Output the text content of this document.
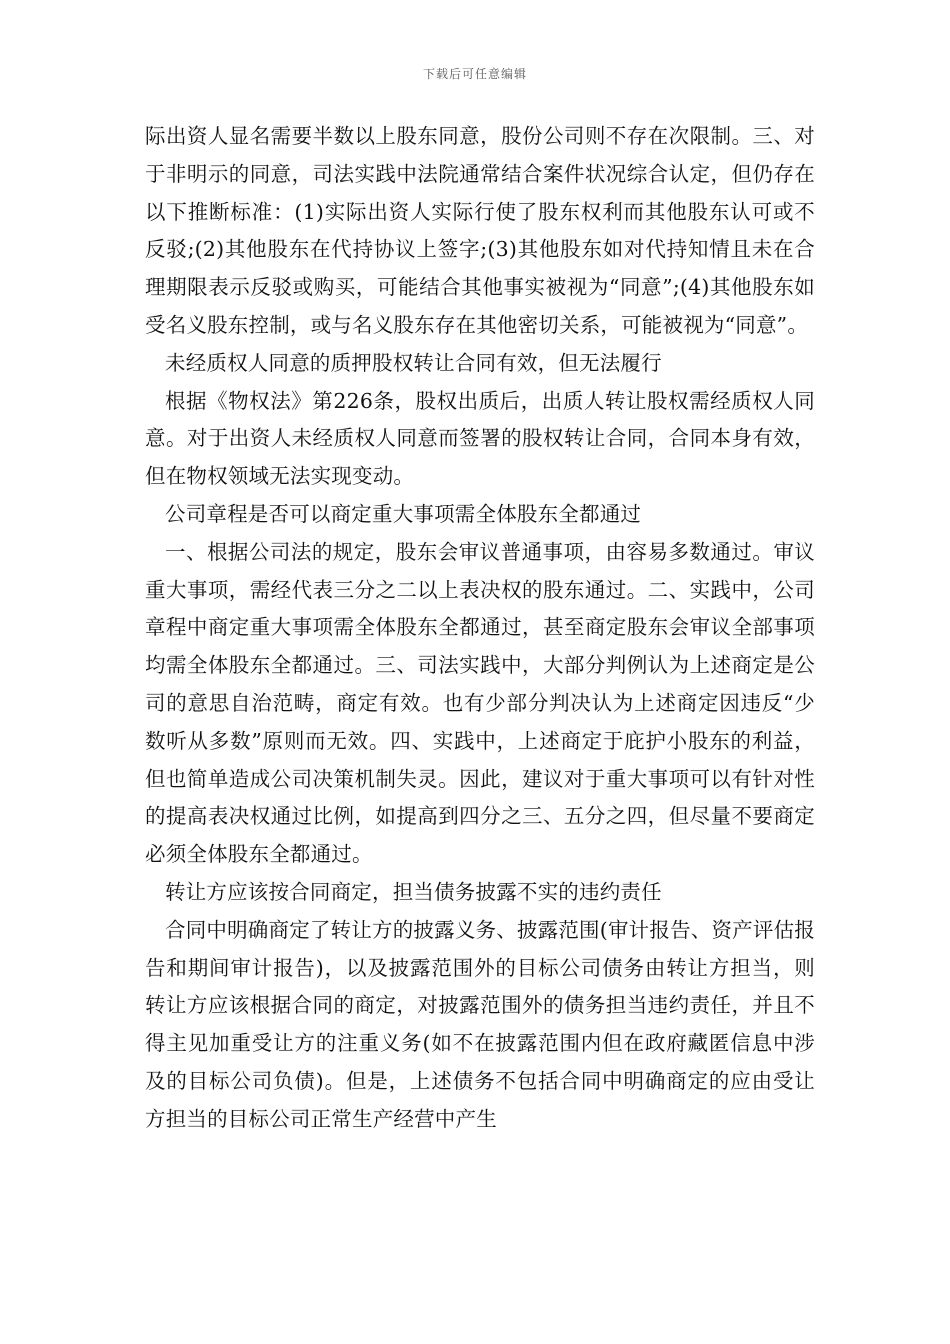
下载后可任意编辑

际出资人显名需要半数以上股东同意，股份公司则不存在次限制。三、对于非明示的同意，司法实践中法院通常结合案件状况综合认定，但仍存在以下推断标准：(1)实际出资人实际行使了股东权利而其他股东认可或不反驳;(2)其他股东在代持协议上签字;(3)其他股东如对代持知情且未在合理期限表示反驳或购买，可能结合其他事实被视为“同意”;(4)其他股东如受名义股东控制，或与名义股东存在其他密切关系，可能被视为“同意”。

未经质权人同意的质押股权转让合同有效，但无法履行

根据《物权法》第226条，股权出质后，出质人转让股权需经质权人同意。对于出资人未经质权人同意而签署的股权转让合同，合同本身有效，但在物权领域无法实现变动。

公司章程是否可以商定重大事项需全体股东全都通过

一、根据公司法的规定，股东会审议普通事项，由容易多数通过。审议重大事项，需经代表三分之二以上表决权的股东通过。二、实践中，公司章程中商定重大事项需全体股东全都通过，甚至商定股东会审议全部事项均需全体股东全都通过。三、司法实践中，大部分判例认为上述商定是公司的意思自治范畴，商定有效。也有少部分判决认为上述商定因违反“少数听从多数”原则而无效。四、实践中，上述商定于庇护小股东的利益，但也简单造成公司决策机制失灵。因此，建议对于重大事项可以有针对性的提高表决权通过比例，如提高到四分之三、五分之四，但尽量不要商定必须全体股东全都通过。

转让方应该按合同商定，担当债务披露不实的违约责任

合同中明确商定了转让方的披露义务、披露范围(审计报告、资产评估报告和期间审计报告)，以及披露范围外的目标公司债务由转让方担当，则转让方应该根据合同的商定，对披露范围外的债务担当违约责任，并且不得主见加重受让方的注重义务(如不在披露范围内但在政府藏匿信息中涉及的目标公司负债)。但是，上述债务不包括合同中明确商定的应由受让方担当的目标公司正常生产经营中产生
